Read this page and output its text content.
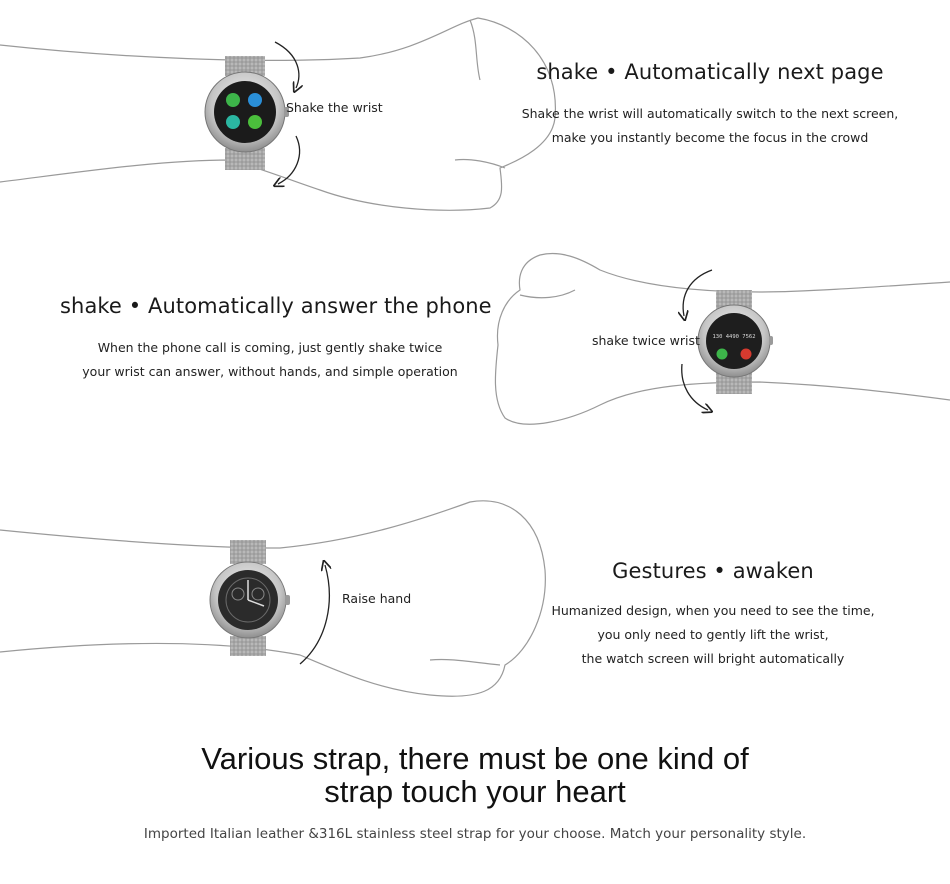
shake • Automatically next page
Shake the wrist will automatically switch to the next screen,
make you instantly become the focus in the crowd
Shake the wrist
shake • Automatically answer the phone
When the phone call is coming, just gently shake twice
your wrist can answer, without hands, and simple operation
shake twice wrist	130 4490 7562
Gestures • awaken
Humanized design, when you need to see the time,
you only need to gently lift the wrist,
the watch screen will bright automatically
Raise hand
Various strap, there must be one kind of
strap touch your heart
Imported Italian leather &316L stainless steel strap for your choose. Match your personality style.
